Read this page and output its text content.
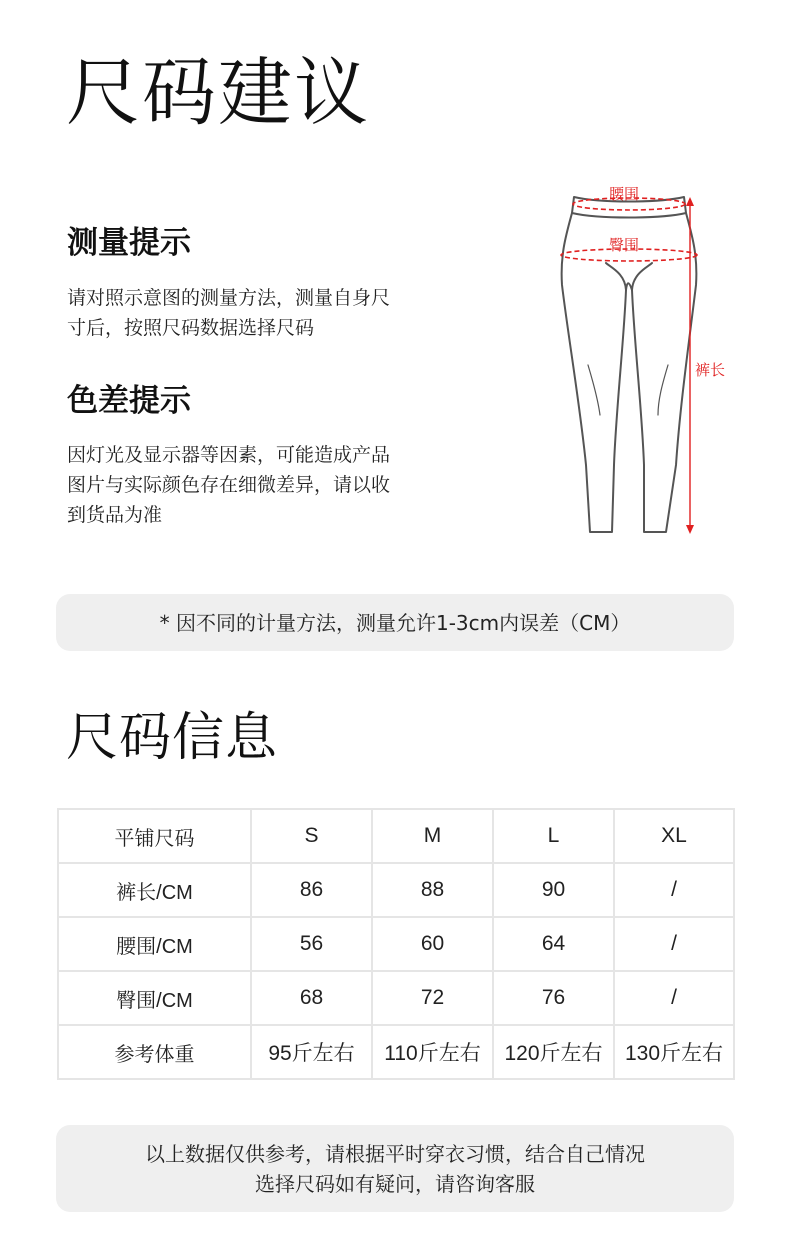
尺码建议
测量提示
请对照示意图的测量方法，测量自身尺
寸后，按照尺码数据选择尺码
色差提示
因灯光及显示器等因素，可能造成产品
图片与实际颜色存在细微差异，请以收
到货品为准
腰围
臀围
裤长
* 因不同的计量方法，测量允许1-3cm内误差（CM）
尺码信息
平铺尺码	S	M	L	XL
裤长/CM	86	88	90	/
腰围/CM	56	60	64	/
臀围/CM	68	72	76	/
参考体重	95斤左右	110斤左右	120斤左右	130斤左右
以上数据仅供参考，请根据平时穿衣习惯，结合自己情况
选择尺码如有疑问，请咨询客服
